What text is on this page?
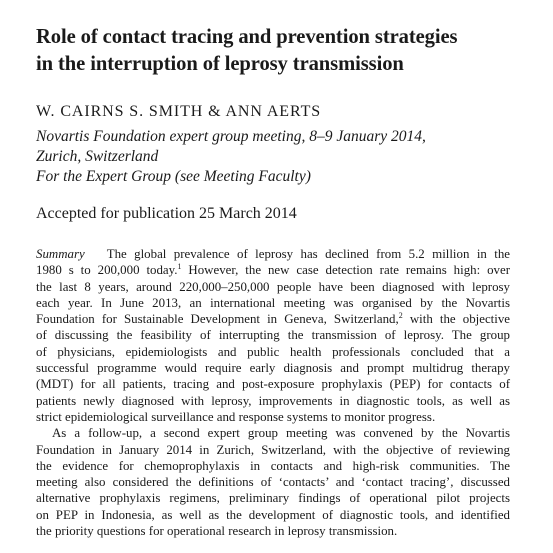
Role of contact tracing and prevention strategies
in the interruption of leprosy transmission
W. CAIRNS S. SMITH & ANN AERTS
Novartis Foundation expert group meeting, 8–9 January 2014,
Zurich, Switzerland
For the Expert Group (see Meeting Faculty)
Accepted for publication 25 March 2014
Summary The global prevalence of leprosy has declined from 5.2 million in the
1980 s to 200,000 today.$^1$ However, the new case detection rate remains high: over
the last 8 years, around 220,000–250,000 people have been diagnosed with leprosy
each year. In June 2013, an international meeting was organised by the Novartis
Foundation for Sustainable Development in Geneva, Switzerland,$^2$ with the objective
of discussing the feasibility of interrupting the transmission of leprosy. The group
of physicians, epidemiologists and public health professionals concluded that a
successful programme would require early diagnosis and prompt multidrug therapy
(MDT) for all patients, tracing and post-exposure prophylaxis (PEP) for contacts of
patients newly diagnosed with leprosy, improvements in diagnostic tools, as well as
strict epidemiological surveillance and response systems to monitor progress.
As a follow-up, a second expert group meeting was convened by the Novartis
Foundation in January 2014 in Zurich, Switzerland, with the objective of reviewing
the evidence for chemoprophylaxis in contacts and high-risk communities. The
meeting also considered the definitions of ‘contacts’ and ‘contact tracing’, discussed
alternative prophylaxis regimens, preliminary findings of operational pilot projects
on PEP in Indonesia, as well as the development of diagnostic tools, and identified
the priority questions for operational research in leprosy transmission.
